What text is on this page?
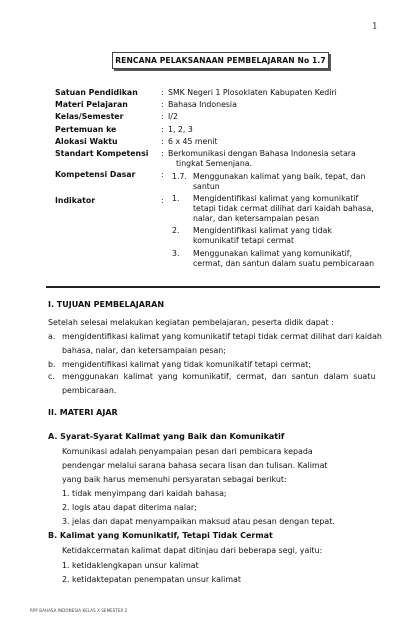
1
RENCANA PELAKSANAAN PEMBELAJARAN No 1.7
Satuan Pendidikan	: SMK Negeri 1 Plosoklaten Kabupaten Kediri
Materi Pelajaran	: Bahasa Indonesia
Kelas/Semester	: I/2
Pertemuan ke	: 1, 2, 3
Alokasi Waktu	: 6 x 45 menit
Standart Kompetensi : Berkomunikasi dengan Bahasa Indonesia setara
tingkat Semenjana.
Kompetensi Dasar	: 1.7. Menggunakan kalimat yang baik, tepat, dan
santun
Indikator	: 1. Mengidentifikasi kalimat yang komunikatif
tetapi tidak cermat dilihat dari kaidah bahasa,
nalar, dan ketersampaian pesan
2. Mengidentifikasi kalimat yang tidak
komunikatif tetapi cermat
3. Menggunakan kalimat yang komunikatif,
cermat, dan santun dalam suatu pembicaraan
I. TUJUAN PEMBELAJARAN
Setelah selesai melakukan kegiatan pembelajaran, peserta didik dapat :
a. mengidentifikasi kalimat yang komunikatif tetapi tidak cermat dilihat dari kaidah
bahasa, nalar, dan ketersampaian pesan;
b. mengidentifikasi kalimat yang tidak komunikatif tetapi cermat;
c. menggunakan  kalimat  yang  komunikatif,  cermat,  dan  santun  dalam  suatu
pembicaraan.
II. MATERI AJAR
A. Syarat-Syarat Kalimat yang Baik dan Komunikatif
Komunikasi adalah penyampaian pesan dari pembicara kepada
pendengar melalui sarana bahasa secara lisan dan tulisan. Kalimat
yang baik harus memenuhi persyaratan sebagai berikut:
1. tidak menyimpang dari kaidah bahasa;
2. logis atau dapat diterima nalar;
3. jelas dan dapat menyampaikan maksud atau pesan dengan tepat.
B. Kalimat yang Komunikatif, Tetapi Tidak Cermat
Ketidakcermatan kalimat dapat ditinjau dari beberapa segi, yaitu:
1. ketidaklengkapan unsur kalimat
2. ketidaktepatan penempatan unsur kalimat
RPP BAHASA INDONESIA KELAS X SEMESTER 2
